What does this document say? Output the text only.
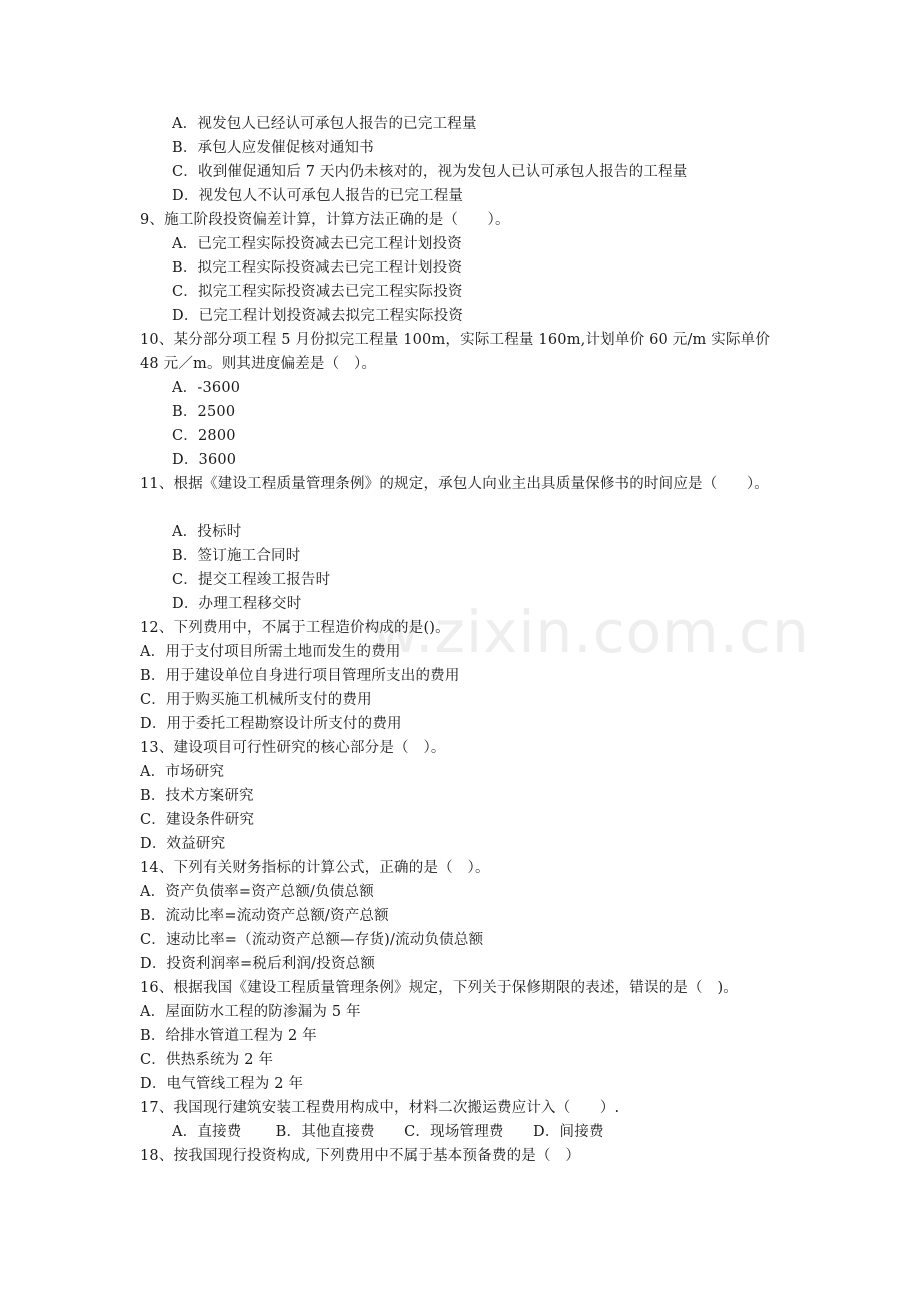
w.zixin.com.cn
A．视发包人已经认可承包人报告的已完工程量
B．承包人应发催促核对通知书
C．收到催促通知后 7 天内仍未核对的，视为发包人已认可承包人报告的工程量
D．视发包人不认可承包人报告的已完工程量
9、施工阶段投资偏差计算，计算方法正确的是（　　）。
A．已完工程实际投资减去已完工程计划投资
B．拟完工程实际投资减去已完工程计划投资
C．拟完工程实际投资减去已完工程实际投资
D．已完工程计划投资减去拟完工程实际投资
10、某分部分项工程 5 月份拟完工程量 100m，实际工程量 160m,计划单价 60 元/m 实际单价 48 元／m。则其进度偏差是（　）。
A．-3600
B．2500
C．2800
D．3600
11、根据《建设工程质量管理条例》的规定，承包人向业主出具质量保修书的时间应是（　　）。
A．投标时
B．签订施工合同时
C．提交工程竣工报告时
D．办理工程移交时
12、下列费用中，不属于工程造价构成的是()。
A．用于支付项目所需土地而发生的费用
B．用于建设单位自身进行项目管理所支出的费用
C．用于购买施工机械所支付的费用
D．用于委托工程勘察设计所支付的费用
13、建设项目可行性研究的核心部分是（　）。
A．市场研究
B．技术方案研究
C．建设条件研究
D．效益研究
14、下列有关财务指标的计算公式，正确的是（　）。
A．资产负债率=资产总额/负债总额
B．流动比率=流动资产总额/资产总额
C．速动比率=（流动资产总额—存货)/流动负债总额
D．投资利润率=税后利润/投资总额
16、根据我国《建设工程质量管理条例》规定，下列关于保修期限的表述，错误的是（　)。
A．屋面防水工程的防渗漏为 5 年
B．给排水管道工程为 2 年
C．供热系统为 2 年
D．电气管线工程为 2 年
17、我国现行建筑安装工程费用构成中，材料二次搬运费应计入（　　）.
A．直接费　　 B．其他直接费　　C．现场管理费　　D．间接费
18、按我国现行投资构成, 下列费用中不属于基本预备费的是（　）
